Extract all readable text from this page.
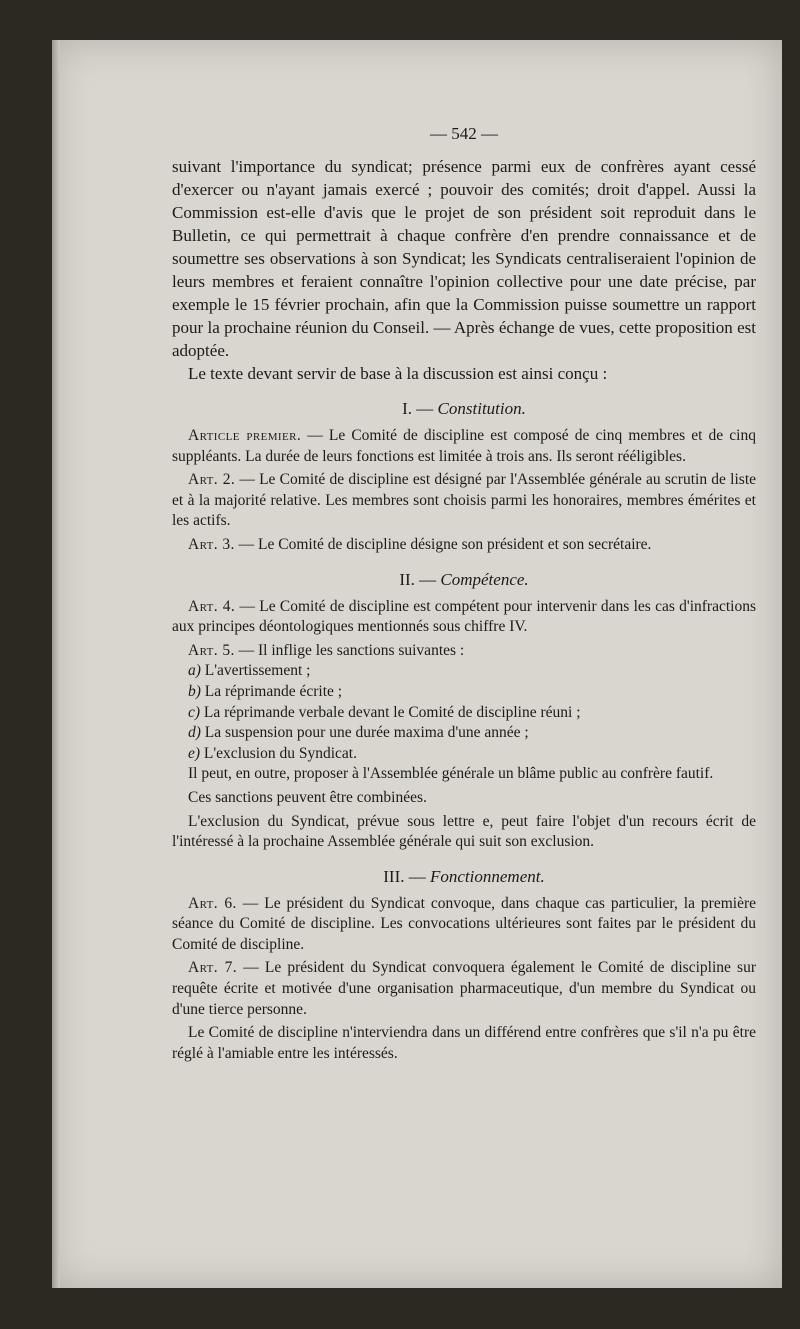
— 542 —

suivant l'importance du syndicat; présence parmi eux de confrères ayant cessé d'exercer ou n'ayant jamais exercé ; pouvoir des comités; droit d'appel. Aussi la Commission est-elle d'avis que le projet de son président soit reproduit dans le Bulletin, ce qui permettrait à chaque confrère d'en prendre connaissance et de soumettre ses observations à son Syndicat; les Syndicats centraliseraient l'opinion de leurs membres et feraient connaître l'opinion collective pour une date précise, par exemple le 15 février prochain, afin que la Commission puisse soumettre un rapport pour la prochaine réunion du Conseil. — Après échange de vues, cette proposition est adoptée.

Le texte devant servir de base à la discussion est ainsi conçu :

I. — Constitution.

Article premier. — Le Comité de discipline est composé de cinq membres et de cinq suppléants. La durée de leurs fonctions est limitée à trois ans. Ils seront rééligibles.

Art. 2. — Le Comité de discipline est désigné par l'Assemblée générale au scrutin de liste et à la majorité relative. Les membres sont choisis parmi les honoraires, membres émérites et les actifs.

Art. 3. — Le Comité de discipline désigne son président et son secrétaire.

II. — Compétence.

Art. 4. — Le Comité de discipline est compétent pour intervenir dans les cas d'infractions aux principes déontologiques mentionnés sous chiffre IV.

Art. 5. — Il inflige les sanctions suivantes :

a) L'avertissement ;

b) La réprimande écrite ;

c) La réprimande verbale devant le Comité de discipline réuni ;

d) La suspension pour une durée maxima d'une année ;

e) L'exclusion du Syndicat.

Il peut, en outre, proposer à l'Assemblée générale un blâme public au confrère fautif.

Ces sanctions peuvent être combinées.

L'exclusion du Syndicat, prévue sous lettre e, peut faire l'objet d'un recours écrit de l'intéressé à la prochaine Assemblée générale qui suit son exclusion.

III. — Fonctionnement.

Art. 6. — Le président du Syndicat convoque, dans chaque cas particulier, la première séance du Comité de discipline. Les convocations ultérieures sont faites par le président du Comité de discipline.

Art. 7. — Le président du Syndicat convoquera également le Comité de discipline sur requête écrite et motivée d'une organisation pharmaceutique, d'un membre du Syndicat ou d'une tierce personne.

Le Comité de discipline n'interviendra dans un différend entre confrères que s'il n'a pu être réglé à l'amiable entre les intéressés.
